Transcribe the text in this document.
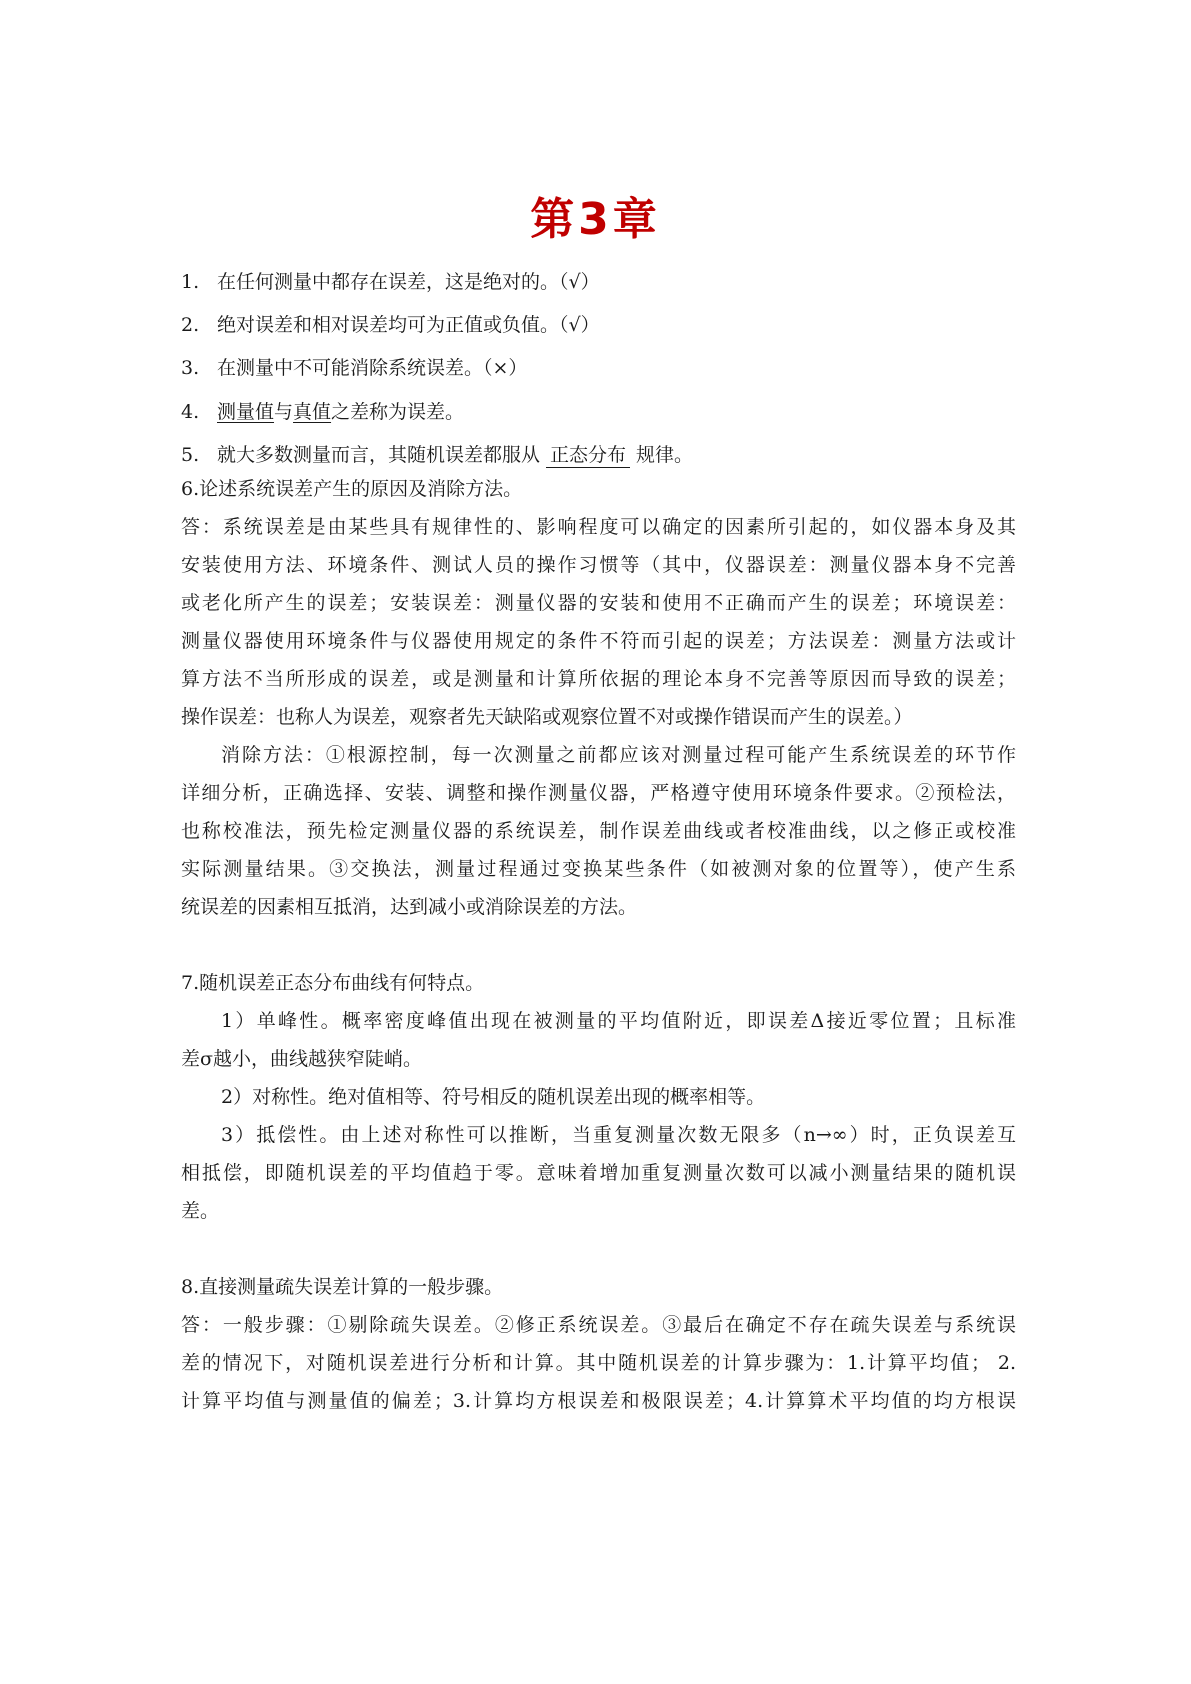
第3章
1. 在任何测量中都存在误差，这是绝对的。（√）
2. 绝对误差和相对误差均可为正值或负值。（√）
3. 在测量中不可能消除系统误差。（×）
4. 测量值与真值之差称为误差。
5. 就大多数测量而言，其随机误差都服从 正态分布 规律。
6.论述系统误差产生的原因及消除方法。
答：系统误差是由某些具有规律性的、影响程度可以确定的因素所引起的，如仪器本身及其
安装使用方法、环境条件、测试人员的操作习惯等（其中，仪器误差：测量仪器本身不完善
或老化所产生的误差；安装误差：测量仪器的安装和使用不正确而产生的误差；环境误差：
测量仪器使用环境条件与仪器使用规定的条件不符而引起的误差；方法误差：测量方法或计
算方法不当所形成的误差，或是测量和计算所依据的理论本身不完善等原因而导致的误差；
操作误差：也称人为误差，观察者先天缺陷或观察位置不对或操作错误而产生的误差。）
消除方法：①根源控制，每一次测量之前都应该对测量过程可能产生系统误差的环节作
详细分析，正确选择、安装、调整和操作测量仪器，严格遵守使用环境条件要求。②预检法，
也称校准法，预先检定测量仪器的系统误差，制作误差曲线或者校准曲线，以之修正或校准
实际测量结果。③交换法，测量过程通过变换某些条件（如被测对象的位置等），使产生系
统误差的因素相互抵消，达到减小或消除误差的方法。
7.随机误差正态分布曲线有何特点。
1）单峰性。概率密度峰值出现在被测量的平均值附近，即误差Δ接近零位置；且标准
差σ越小，曲线越狭窄陡峭。
2）对称性。绝对值相等、符号相反的随机误差出现的概率相等。
3）抵偿性。由上述对称性可以推断，当重复测量次数无限多（n→∞）时，正负误差互
相抵偿，即随机误差的平均值趋于零。意味着增加重复测量次数可以减小测量结果的随机误
差。
8.直接测量疏失误差计算的一般步骤。
答：一般步骤：①剔除疏失误差。②修正系统误差。③最后在确定不存在疏失误差与系统误
差的情况下，对随机误差进行分析和计算。其中随机误差的计算步骤为：1.计算平均值； 2.
计算平均值与测量值的偏差；3.计算均方根误差和极限误差；4.计算算术平均值的均方根误
